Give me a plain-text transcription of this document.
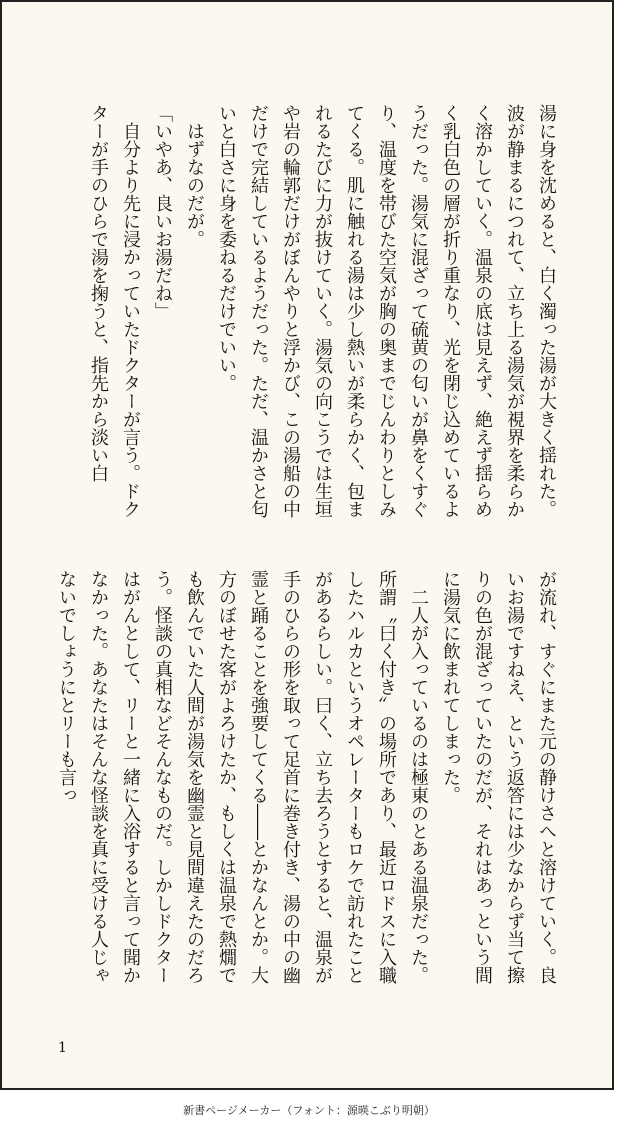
湯に身を沈めると、白く濁った湯が大きく揺れた。波が静まるにつれて、立ち上る湯気が視界を柔らかく溶かしていく。温泉の底は見えず、絶えず揺らめく乳白色の層が折り重なり、光を閉じ込めているようだった。湯気に混ざって硫黄の匂いが鼻をくすぐり、温度を帯びた空気が胸の奥までじんわりとしみてくる。肌に触れる湯は少し熱いが柔らかく、包まれるたびに力が抜けていく。湯気の向こうでは生垣や岩の輪郭だけがぼんやりと浮かび、この湯船の中だけで完結しているようだった。ただ、温かさと匂いと白さに身を委ねるだけでいい。

　はずなのだが。

「いやあ、良いお湯だね」

　自分より先に浸かっていたドクターが言う。ドクターが手のひらで湯を掬うと、指先から淡い白

が流れ、すぐにまた元の静けさへと溶けていく。良いお湯ですねえ、という返答には少なからず当て擦りの色が混ざっていたのだが、それはあっという間に湯気に飲まれてしまった。

　二人が入っているのは極東のとある温泉だった。所謂〝曰く付き〟の場所であり、最近ロドスに入職したハルカというオペレーターもロケで訪れたことがあるらしい。曰く、立ち去ろうとすると、温泉が手のひらの形を取って足首に巻き付き、湯の中の幽霊と踊ることを強要してくる――とかなんとか。大方のぼせた客がよろけたか、もしくは温泉で熱燗でも飲んでいた人間が湯気を幽霊と見間違えたのだろう。怪談の真相などそんなものだ。しかしドクターはがんとして、リーと一緒に入浴すると言って聞かなかった。あなたはそんな怪談を真に受ける人じゃないでしょうにとリーも言っ

1
新書ページメーカー（フォント：源暎こぶり明朝）
